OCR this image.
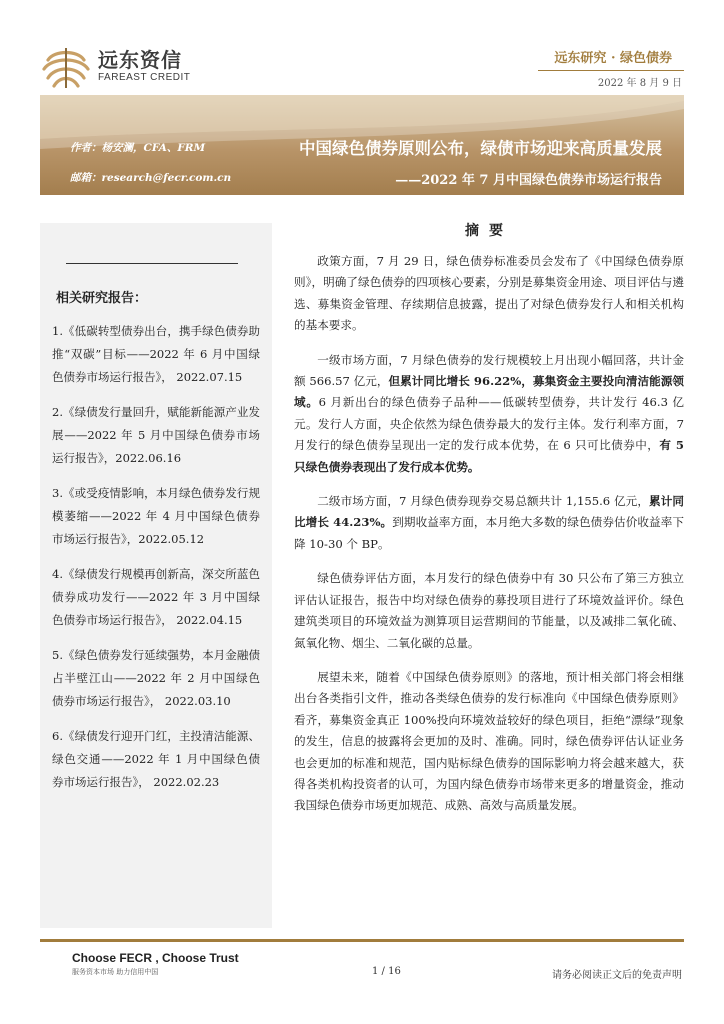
远东资信
FAREAST CREDIT
远东研究 · 绿色债券
2022 年 8 月 9 日
作者：杨安澜，CFA、FRM
邮箱：research@fecr.com.cn
中国绿色债券原则公布，绿债市场迎来高质量发展
——2022 年 7 月中国绿色债券市场运行报告
相关研究报告：
1.《低碳转型债券出台，携手绿色债券助推“双碳”目标——2022 年 6 月中国绿色债券市场运行报告》， 2022.07.15
2.《绿债发行量回升，赋能新能源产业发展——2022 年 5 月中国绿色债券市场运行报告》，2022.06.16
3.《或受疫情影响，本月绿色债券发行规模萎缩——2022 年 4 月中国绿色债券市场运行报告》，2022.05.12
4.《绿债发行规模再创新高，深交所蓝色债券成功发行——2022 年 3 月中国绿色债券市场运行报告》， 2022.04.15
5.《绿色债券发行延续强势，本月金融债占半壁江山——2022 年 2 月中国绿色债券市场运行报告》， 2022.03.10
6.《绿债发行迎开门红，主投清洁能源、绿色交通——2022 年 1 月中国绿色债券市场运行报告》， 2022.02.23
摘要

政策方面，7 月 29 日，绿色债券标准委员会发布了《中国绿色债券原则》，明确了绿色债券的四项核心要素，分别是募集资金用途、项目评估与遴选、募集资金管理、存续期信息披露，提出了对绿色债券发行人和相关机构的基本要求。

一级市场方面，7 月绿色债券的发行规模较上月出现小幅回落，共计金额 566.57 亿元，但累计同比增长 96.22%，募集资金主要投向清洁能源领域。6 月新出台的绿色债券子品种——低碳转型债券，共计发行 46.3 亿元。发行人方面，央企依然为绿色债券最大的发行主体。发行利率方面，7 月发行的绿色债券呈现出一定的发行成本优势，在 6 只可比债券中，有 5 只绿色债券表现出了发行成本优势。

二级市场方面，7 月绿色债券现券交易总额共计 1,155.6 亿元，累计同比增长 44.23%。到期收益率方面，本月绝大多数的绿色债券估价收益率下降 10-30 个 BP。

绿色债券评估方面，本月发行的绿色债券中有 30 只公布了第三方独立评估认证报告，报告中均对绿色债券的募投项目进行了环境效益评价。绿色建筑类项目的环境效益为测算项目运营期间的节能量，以及减排二氧化硫、氮氧化物、烟尘、二氧化碳的总量。

展望未来，随着《中国绿色债券原则》的落地，预计相关部门将会相继出台各类指引文件，推动各类绿色债券的发行标准向《中国绿色债券原则》看齐，募集资金真正 100%投向环境效益较好的绿色项目，拒绝“漂绿”现象的发生，信息的披露将会更加的及时、准确。同时，绿色债券评估认证业务也会更加的标准和规范，国内贴标绿色债券的国际影响力将会越来越大，获得各类机构投资者的认可，为国内绿色债券市场带来更多的增量资金，推动我国绿色债券市场更加规范、成熟、高效与高质量发展。

Choose FECR , Choose Trust
服务资本市场 助力信用中国	1 / 16	请务必阅读正文后的免责声明
